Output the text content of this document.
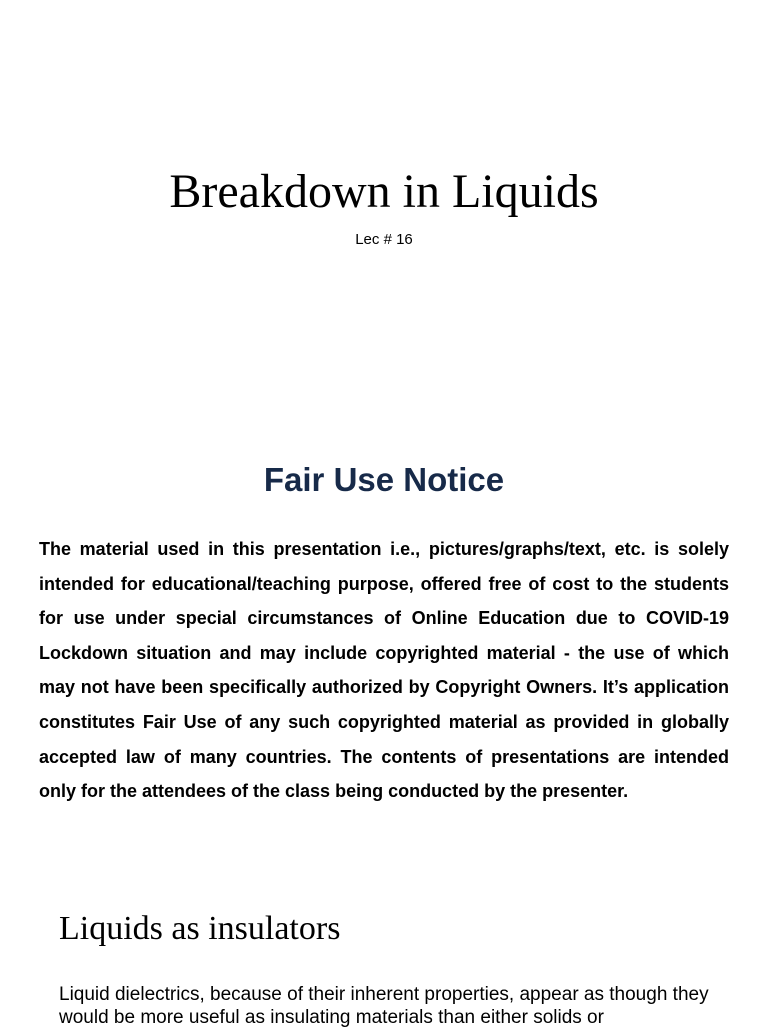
Breakdown in Liquids
Lec # 16
Fair Use Notice

The material used in this presentation i.e., pictures/graphs/text, etc. is solely intended for educational/teaching purpose, offered free of cost to the students for use under special circumstances of Online Education due to COVID-19 Lockdown situation and may include copyrighted material - the use of which may not have been specifically authorized by Copyright Owners. It’s application constitutes Fair Use of any such copyrighted material as provided in globally accepted law of many countries. The contents of presentations are intended only for the attendees of the class being conducted by the presenter.

Liquids as insulators

Liquid dielectrics, because of their inherent properties, appear as though they would be more useful as insulating materials than either solids or
